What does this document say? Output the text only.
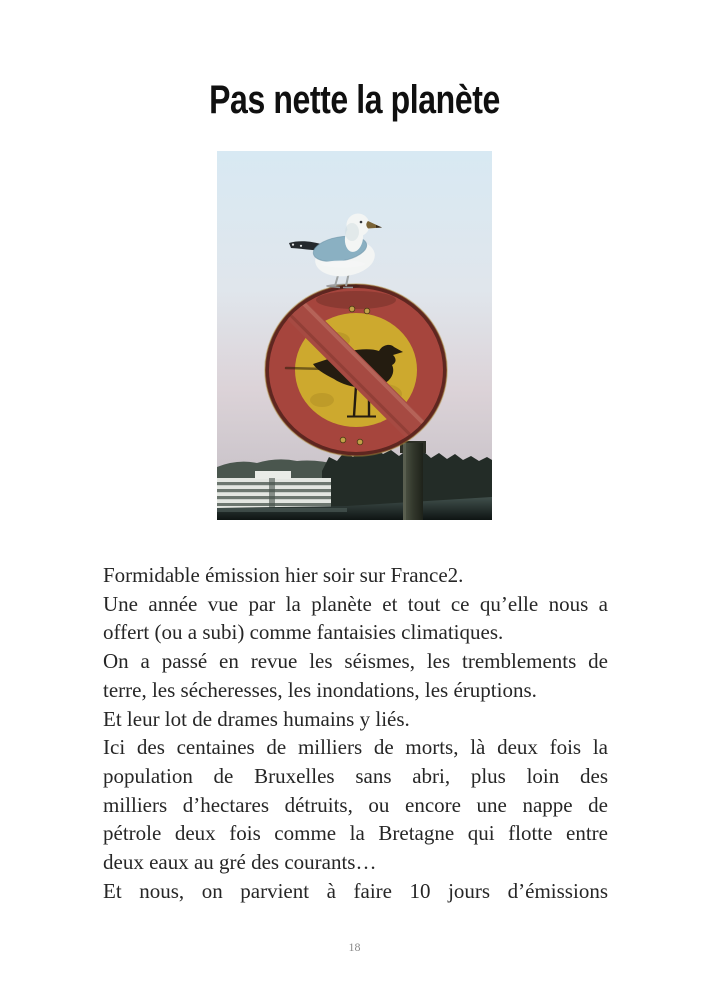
Pas nette la planète
Formidable émission hier soir sur France2.
Une année vue par la planète et tout ce qu’elle nous a
offert (ou a subi) comme fantaisies climatiques.
On a passé en revue les séismes, les tremblements de
terre, les sécheresses, les inondations, les éruptions.
Et leur lot de drames humains y liés.
Ici des centaines de milliers de morts, là deux fois la
population de Bruxelles sans abri, plus loin des
milliers d’hectares détruits, ou encore une nappe de
pétrole deux fois comme la Bretagne qui flotte entre
deux eaux au gré des courants…
Et nous, on parvient à faire 10 jours d’émissions
18
